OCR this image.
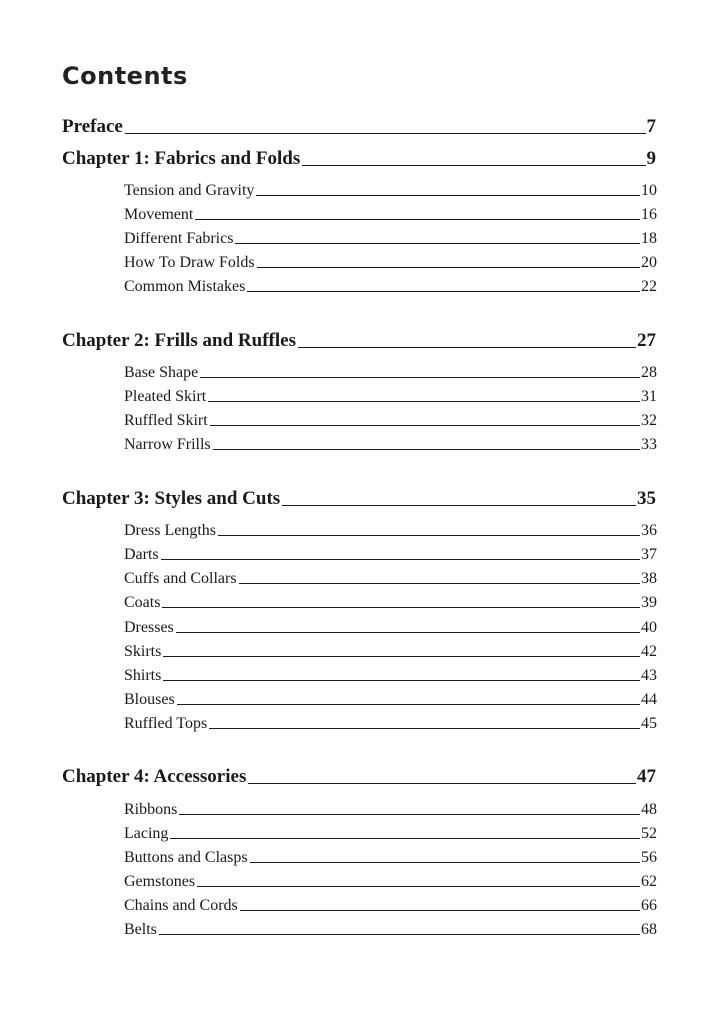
Contents
Preface	7
Chapter 1: Fabrics and Folds	9
Tension and Gravity	10
Movement	16
Different Fabrics	18
How To Draw Folds	20
Common Mistakes	22
Chapter 2: Frills and Ruffles	27
Base Shape	28
Pleated Skirt	31
Ruffled Skirt	32
Narrow Frills	33
Chapter 3: Styles and Cuts	35
Dress Lengths	36
Darts	37
Cuffs and Collars	38
Coats	39
Dresses	40
Skirts	42
Shirts	43
Blouses	44
Ruffled Tops	45
Chapter 4: Accessories	47
Ribbons	48
Lacing	52
Buttons and Clasps	56
Gemstones	62
Chains and Cords	66
Belts	68
